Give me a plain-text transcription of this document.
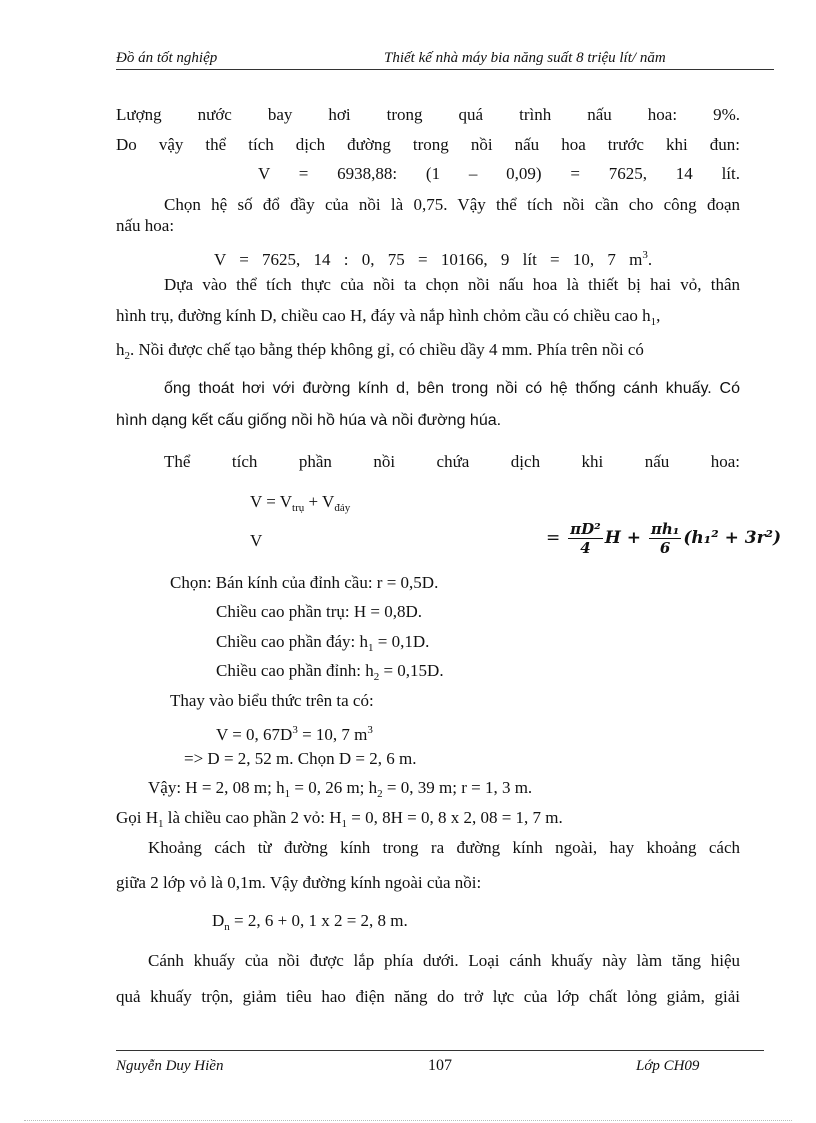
Đồ án tốt nghiệp	Thiết kế nhà máy bia năng suất 8 triệu lít/ năm
Lượng nước bay hơi trong quá trình nấu hoa: 9%.
Do vậy thể tích dịch đường trong nồi nấu hoa trước khi đun:
V = 6938,88: (1 – 0,09) = 7625, 14 lít.
Chọn hệ số đổ đầy của nồi là 0,75. Vậy thể tích nồi cần cho công đoạn
nấu hoa:
V = 7625, 14 : 0, 75 = 10166, 9 lít = 10, 7 $m^3$.
Dựa vào thể tích thực của nồi ta chọn nồi nấu hoa là thiết bị hai vỏ, thân
hình trụ, đường kính D, chiều cao H, đáy và nắp hình chỏm cầu có chiều cao $h_1$,
$h_2$. Nồi được chế tạo bằng thép không gỉ, có chiều dầy 4 mm. Phía trên nồi có
ống thoát hơi với đường kính d, bên trong nồi có hệ thống cánh khuấy. Có
hình dạng kết cấu giống nồi hồ húa và nồi đường húa.
Thể tích phần nồi chứa dịch khi nấu hoa:
$V = V_{trụ} + V_{đáy}$
V	= $\frac{\text{πD²}}{4}$ $H + \frac{\text{πh₁}}{6} (h_1^2 + 3r^2)$
Chọn: Bán kính của đỉnh cầu: r = 0,5D.
Chiều cao phần trụ: H = 0,8D.
Chiều cao phần đáy: $h_1 = 0,1D$.
Chiều cao phần đỉnh: $h_2 = 0,15D$.
Thay vào biểu thức trên ta có:
V = 0, $67D^3 = 10$, 7 $m^3$
=> D = 2, 52 m. Chọn D = 2, 6 m.
Vậy: H = 2, 08 m; $h_1 = 0$, 26 m; $h_2 = 0$, 39 m; r = 1, 3 m.
Gọi $H_1$ là chiều cao phần 2 vỏ: $H_1 = 0$, 8H = 0, 8 x 2, 08 = 1, 7 m.
Khoảng cách từ đường kính trong ra đường kính ngoài, hay khoảng cách
giữa 2 lớp vỏ là 0,1m. Vậy đường kính ngoài của nồi:
$D_n = 2$, 6 + 0, 1 x 2 = 2, 8 m.
Cánh khuấy của nồi được lắp phía dưới. Loại cánh khuấy này làm tăng hiệu
quả khuấy trộn, giảm tiêu hao điện năng do trở lực của lớp chất lỏng giảm, giải
Nguyễn Duy Hiền	107	Lớp CH09
